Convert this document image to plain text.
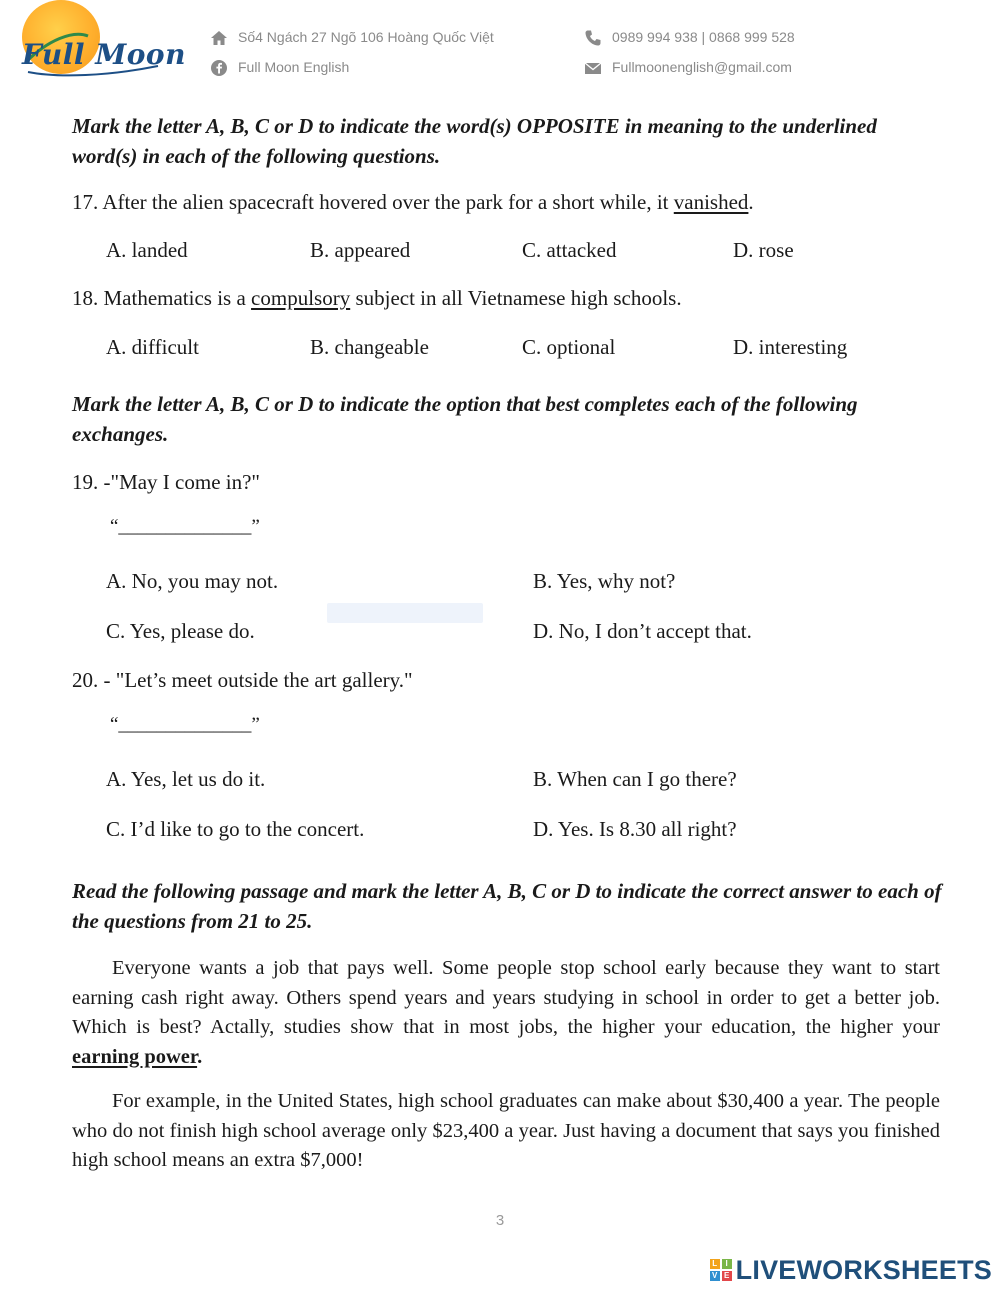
Full Moon
Số4 Ngách 27 Ngõ 106 Hoàng Quốc Việt
Full Moon English
0989 994 938 | 0868 999 528
Fullmoonenglish@gmail.com
Mark the letter A, B, C or D to indicate the word(s) OPPOSITE in meaning to the underlined word(s) in each of the following questions.
17. After the alien spacecraft hovered over the park for a short while, it vanished.
A. landed	B. appeared	C. attacked	D. rose
18. Mathematics is a compulsory subject in all Vietnamese high schools.
A. difficult	B. changeable	C. optional	D. interesting
Mark the letter A, B, C or D to indicate the option that best completes each of the following exchanges.
19. -"May I come in?"
“______________”
A. No, you may not.	B. Yes, why not?
C. Yes, please do.	D. No, I don’t accept that.
20. - "Let’s meet outside the art gallery."
“______________”
A. Yes, let us do it.	B. When can I go there?
C. I’d like to go to the concert.	D. Yes. Is 8.30 all right?
Read the following passage and mark the letter A, B, C or D to indicate the correct answer to each of the questions from 21 to 25.
Everyone wants a job that pays well. Some people stop school early because they want to start earning cash right away. Others spend years and years studying in school in order to get a better job. Which is best? Actally, studies show that in most jobs, the higher your education, the higher your earning power.
For example, in the United States, high school graduates can make about $30,400 a year. The people who do not finish high school average only $23,400 a year. Just having a document that says you finished high school means an extra $7,000!
3
L	I
V E LIVEWORKSHEETS
